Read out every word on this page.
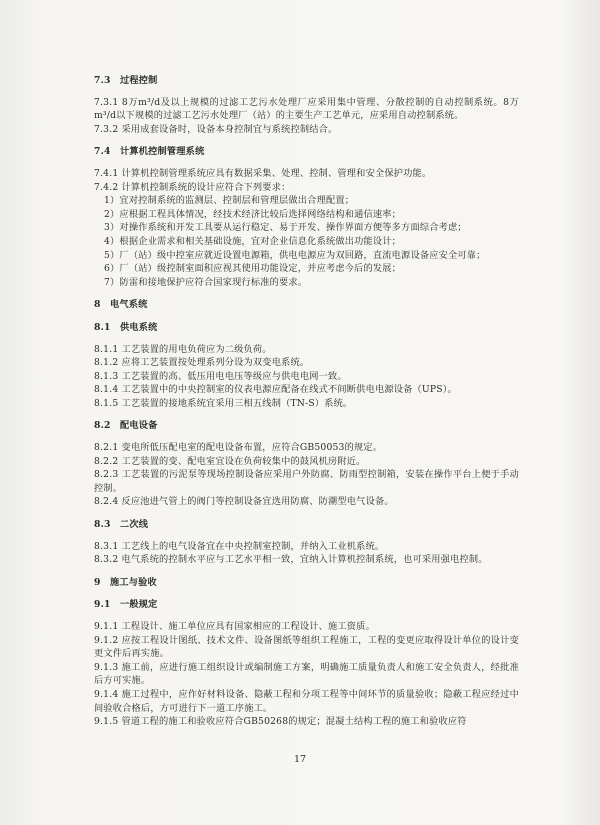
7.3　过程控制
7.3.1 8万m³/d及以上规模的过滤工艺污水处理厂应采用集中管理、分散控制的自动控制系统。8万m³/d以下规模的过滤工艺污水处理厂（站）的主要生产工艺单元，应采用自动控制系统。
7.3.2 采用成套设备时，设备本身控制宜与系统控制结合。
7.4　计算机控制管理系统
7.4.1 计算机控制管理系统应具有数据采集、处理、控制、管理和安全保护功能。
7.4.2 计算机控制系统的设计应符合下列要求：
1）宜对控制系统的监测层、控制层和管理层做出合理配置；
2）应根据工程具体情况，经技术经济比较后选择网络结构和通信速率；
3）对操作系统和开发工具要从运行稳定、易于开发、操作界面方便等多方面综合考虑；
4）根据企业需求和相关基础设施，宜对企业信息化系统做出功能设计；
5）厂（站）级中控室应就近设置电源箱，供电电源应为双回路，直流电源设备应安全可靠；
6）厂（站）级控制室面积应视其使用功能设定，并应考虑今后的发展；
7）防雷和接地保护应符合国家现行标准的要求。
8　电气系统
8.1　供电系统
8.1.1 工艺装置的用电负荷应为二级负荷。
8.1.2 应将工艺装置按处理系列分设为双变电系统。
8.1.3 工艺装置的高、低压用电电压等级应与供电电网一致。
8.1.4 工艺装置中的中央控制室的仪表电源应配备在线式不间断供电电源设备（UPS）。
8.1.5 工艺装置的接地系统宜采用三相五线制（TN-S）系统。
8.2　配电设备
8.2.1 变电所低压配电室的配电设备布置，应符合GB50053的规定。
8.2.2 工艺装置的变、配电室宜设在负荷较集中的鼓风机房附近。
8.2.3 工艺装置的污泥泵等现场控制设备应采用户外防腐、防雨型控制箱，安装在操作平台上便于手动控制。
8.2.4 反应池进气管上的阀门等控制设备宜选用防腐、防潮型电气设备。
8.3　二次线
8.3.1 工艺线上的电气设备宜在中央控制室控制，并纳入工业机系统。
8.3.2 电气系统的控制水平应与工艺水平相一致，宜纳入计算机控制系统，也可采用强电控制。
9　施工与验收
9.1　一般规定
9.1.1 工程设计、施工单位应具有国家相应的工程设计、施工资质。
9.1.2 应按工程设计图纸、技术文件、设备图纸等组织工程施工，工程的变更应取得设计单位的设计变更文件后再实施。
9.1.3 施工前，应进行施工组织设计或编制施工方案，明确施工质量负责人和施工安全负责人，经批准后方可实施。
9.1.4 施工过程中，应作好材料设备、隐蔽工程和分项工程等中间环节的质量验收；隐蔽工程应经过中间验收合格后，方可进行下一道工序施工。
9.1.5 管道工程的施工和验收应符合GB50268的规定；混凝土结构工程的施工和验收应符
17
